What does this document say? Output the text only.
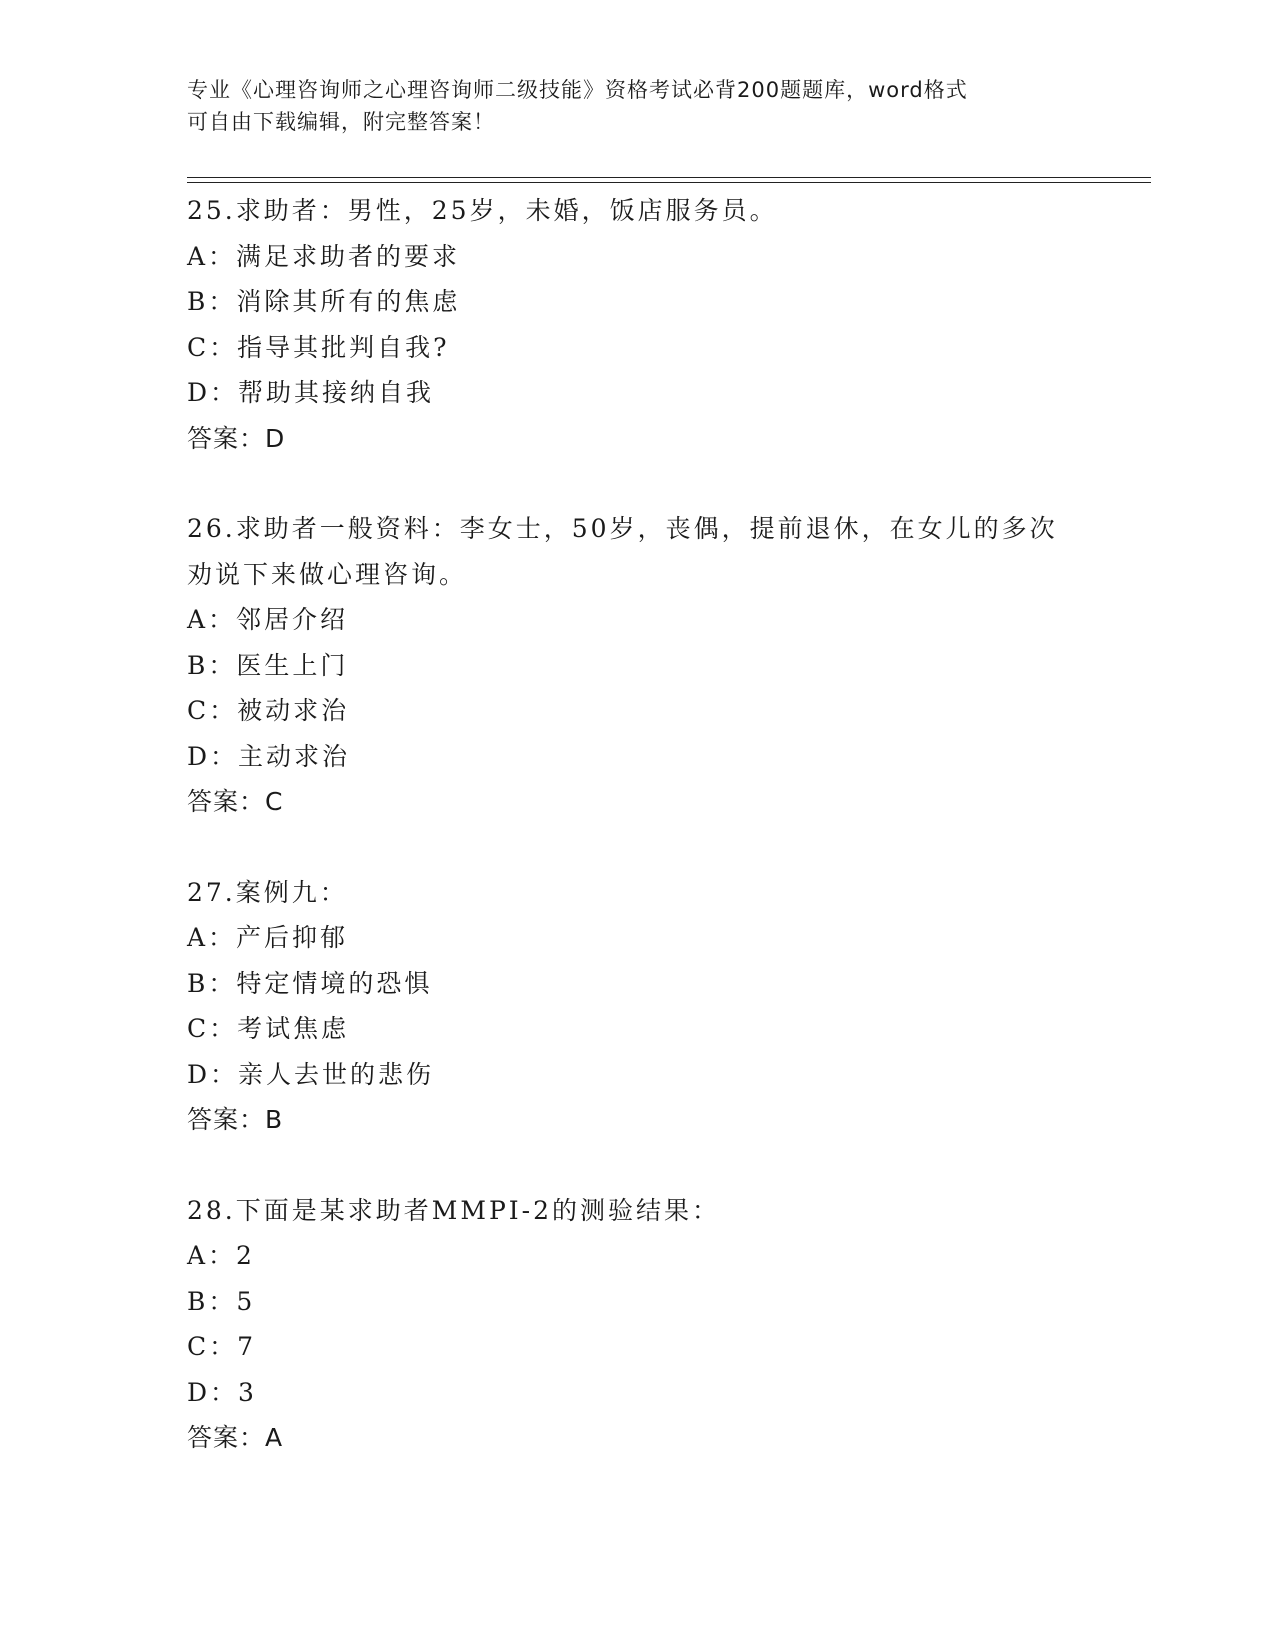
专业《心理咨询师之心理咨询师二级技能》资格考试必背200题题库，word格式
可自由下载编辑，附完整答案！
25.求助者：男性，25岁，未婚，饭店服务员。
A：满足求助者的要求
B：消除其所有的焦虑
C：指导其批判自我?
D：帮助其接纳自我
答案：D
26.求助者一般资料：李女士，50岁，丧偶，提前退休，在女儿的多次
劝说下来做心理咨询。
A：邻居介绍
B：医生上门
C：被动求治
D：主动求治
答案：C
27.案例九：
A：产后抑郁
B：特定情境的恐惧
C：考试焦虑
D：亲人去世的悲伤
答案：B
28.下面是某求助者MMPI-2的测验结果：
A：2
B：5
C：7
D：3
答案：A
